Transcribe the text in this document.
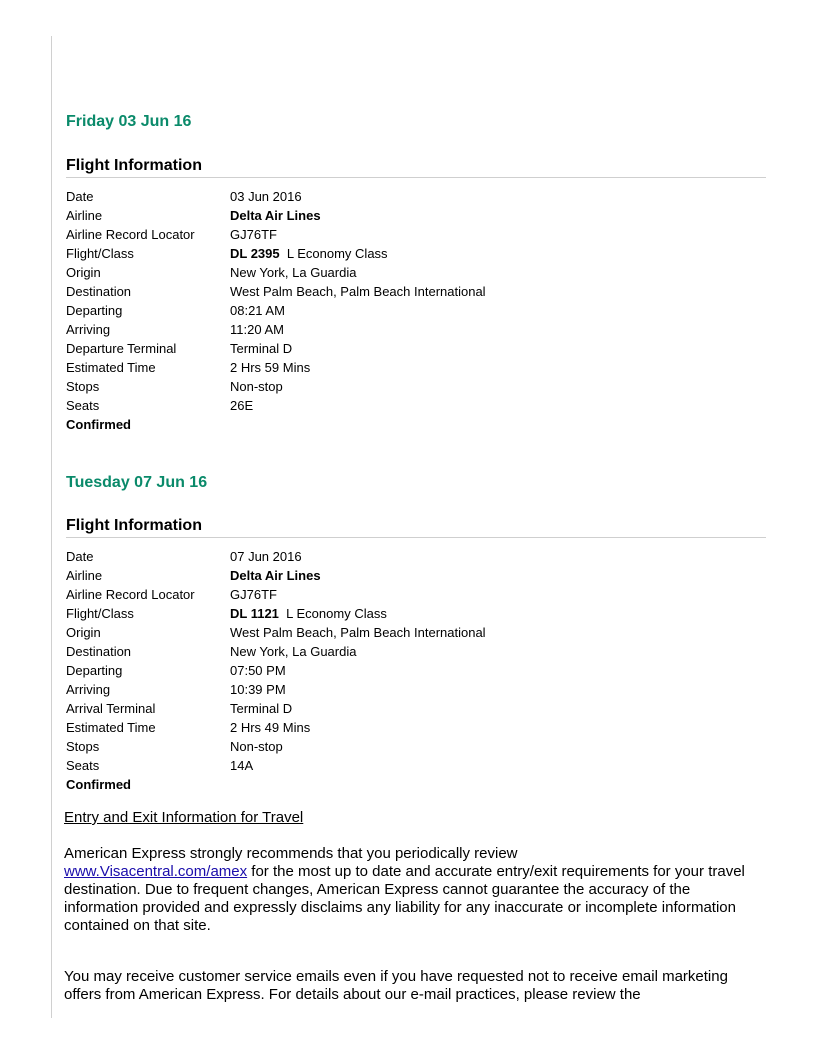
Friday 03 Jun 16
Flight Information
Date	03 Jun 2016
Airline	Delta Air Lines
Airline Record Locator	GJ76TF
Flight/Class	DL 2395 L Economy Class
Origin	New York, La Guardia
Destination	West Palm Beach, Palm Beach International
Departing	08:21 AM
Arriving	11:20 AM
Departure Terminal	Terminal D
Estimated Time	2 Hrs 59 Mins
Stops	Non-stop
Seats	26E
Confirmed
Tuesday 07 Jun 16
Flight Information
Date	07 Jun 2016
Airline	Delta Air Lines
Airline Record Locator	GJ76TF
Flight/Class	DL 1121 L Economy Class
Origin	West Palm Beach, Palm Beach International
Destination	New York, La Guardia
Departing	07:50 PM
Arriving	10:39 PM
Arrival Terminal	Terminal D
Estimated Time	2 Hrs 49 Mins
Stops	Non-stop
Seats	14A
Confirmed
Entry and Exit Information for Travel
American Express strongly recommends that you periodically review
www.Visacentral.com/amex for the most up to date and accurate entry/exit requirements for your travel destination. Due to frequent changes, American Express cannot guarantee the accuracy of the information provided and expressly disclaims any liability for any inaccurate or incomplete information contained on that site.
You may receive customer service emails even if you have requested not to receive email marketing offers from American Express. For details about our e-mail practices, please review the
